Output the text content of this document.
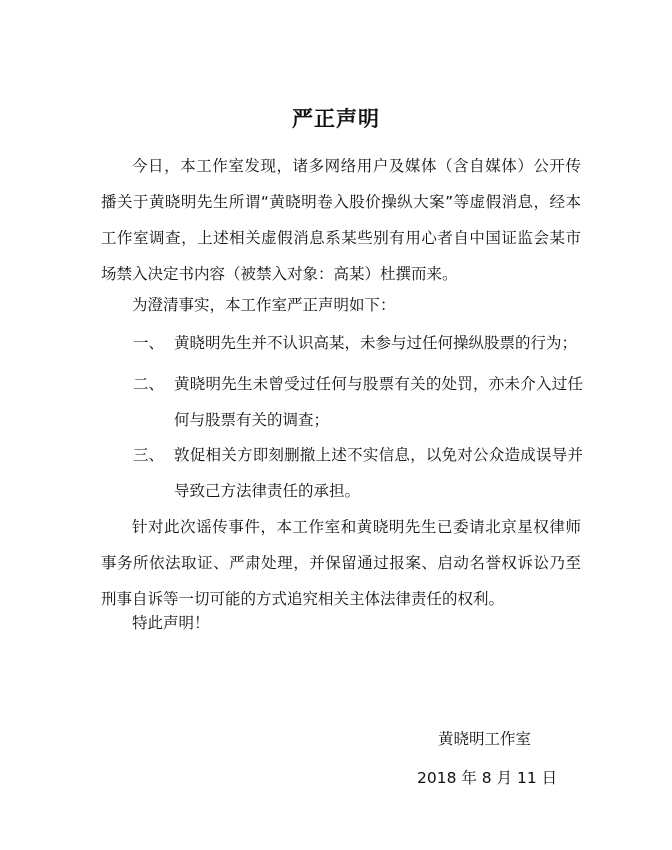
严正声明

今日，本工作室发现，诸多网络用户及媒体（含自媒体）公开传播关于黄晓明先生所谓“黄晓明卷入股价操纵大案”等虚假消息，经本工作室调查，上述相关虚假消息系某些别有用心者自中国证监会某市场禁入决定书内容（被禁入对象：高某）杜撰而来。

为澄清事实，本工作室严正声明如下：

一、 黄晓明先生并不认识高某，未参与过任何操纵股票的行为；
二、 黄晓明先生未曾受过任何与股票有关的处罚，亦未介入过任何与股票有关的调查；
三、 敦促相关方即刻删撤上述不实信息，以免对公众造成误导并导致己方法律责任的承担。

针对此次谣传事件，本工作室和黄晓明先生已委请北京星权律师事务所依法取证、严肃处理，并保留通过报案、启动名誉权诉讼乃至刑事自诉等一切可能的方式追究相关主体法律责任的权利。

特此声明！

黄晓明工作室
2018 年 8 月 11 日
